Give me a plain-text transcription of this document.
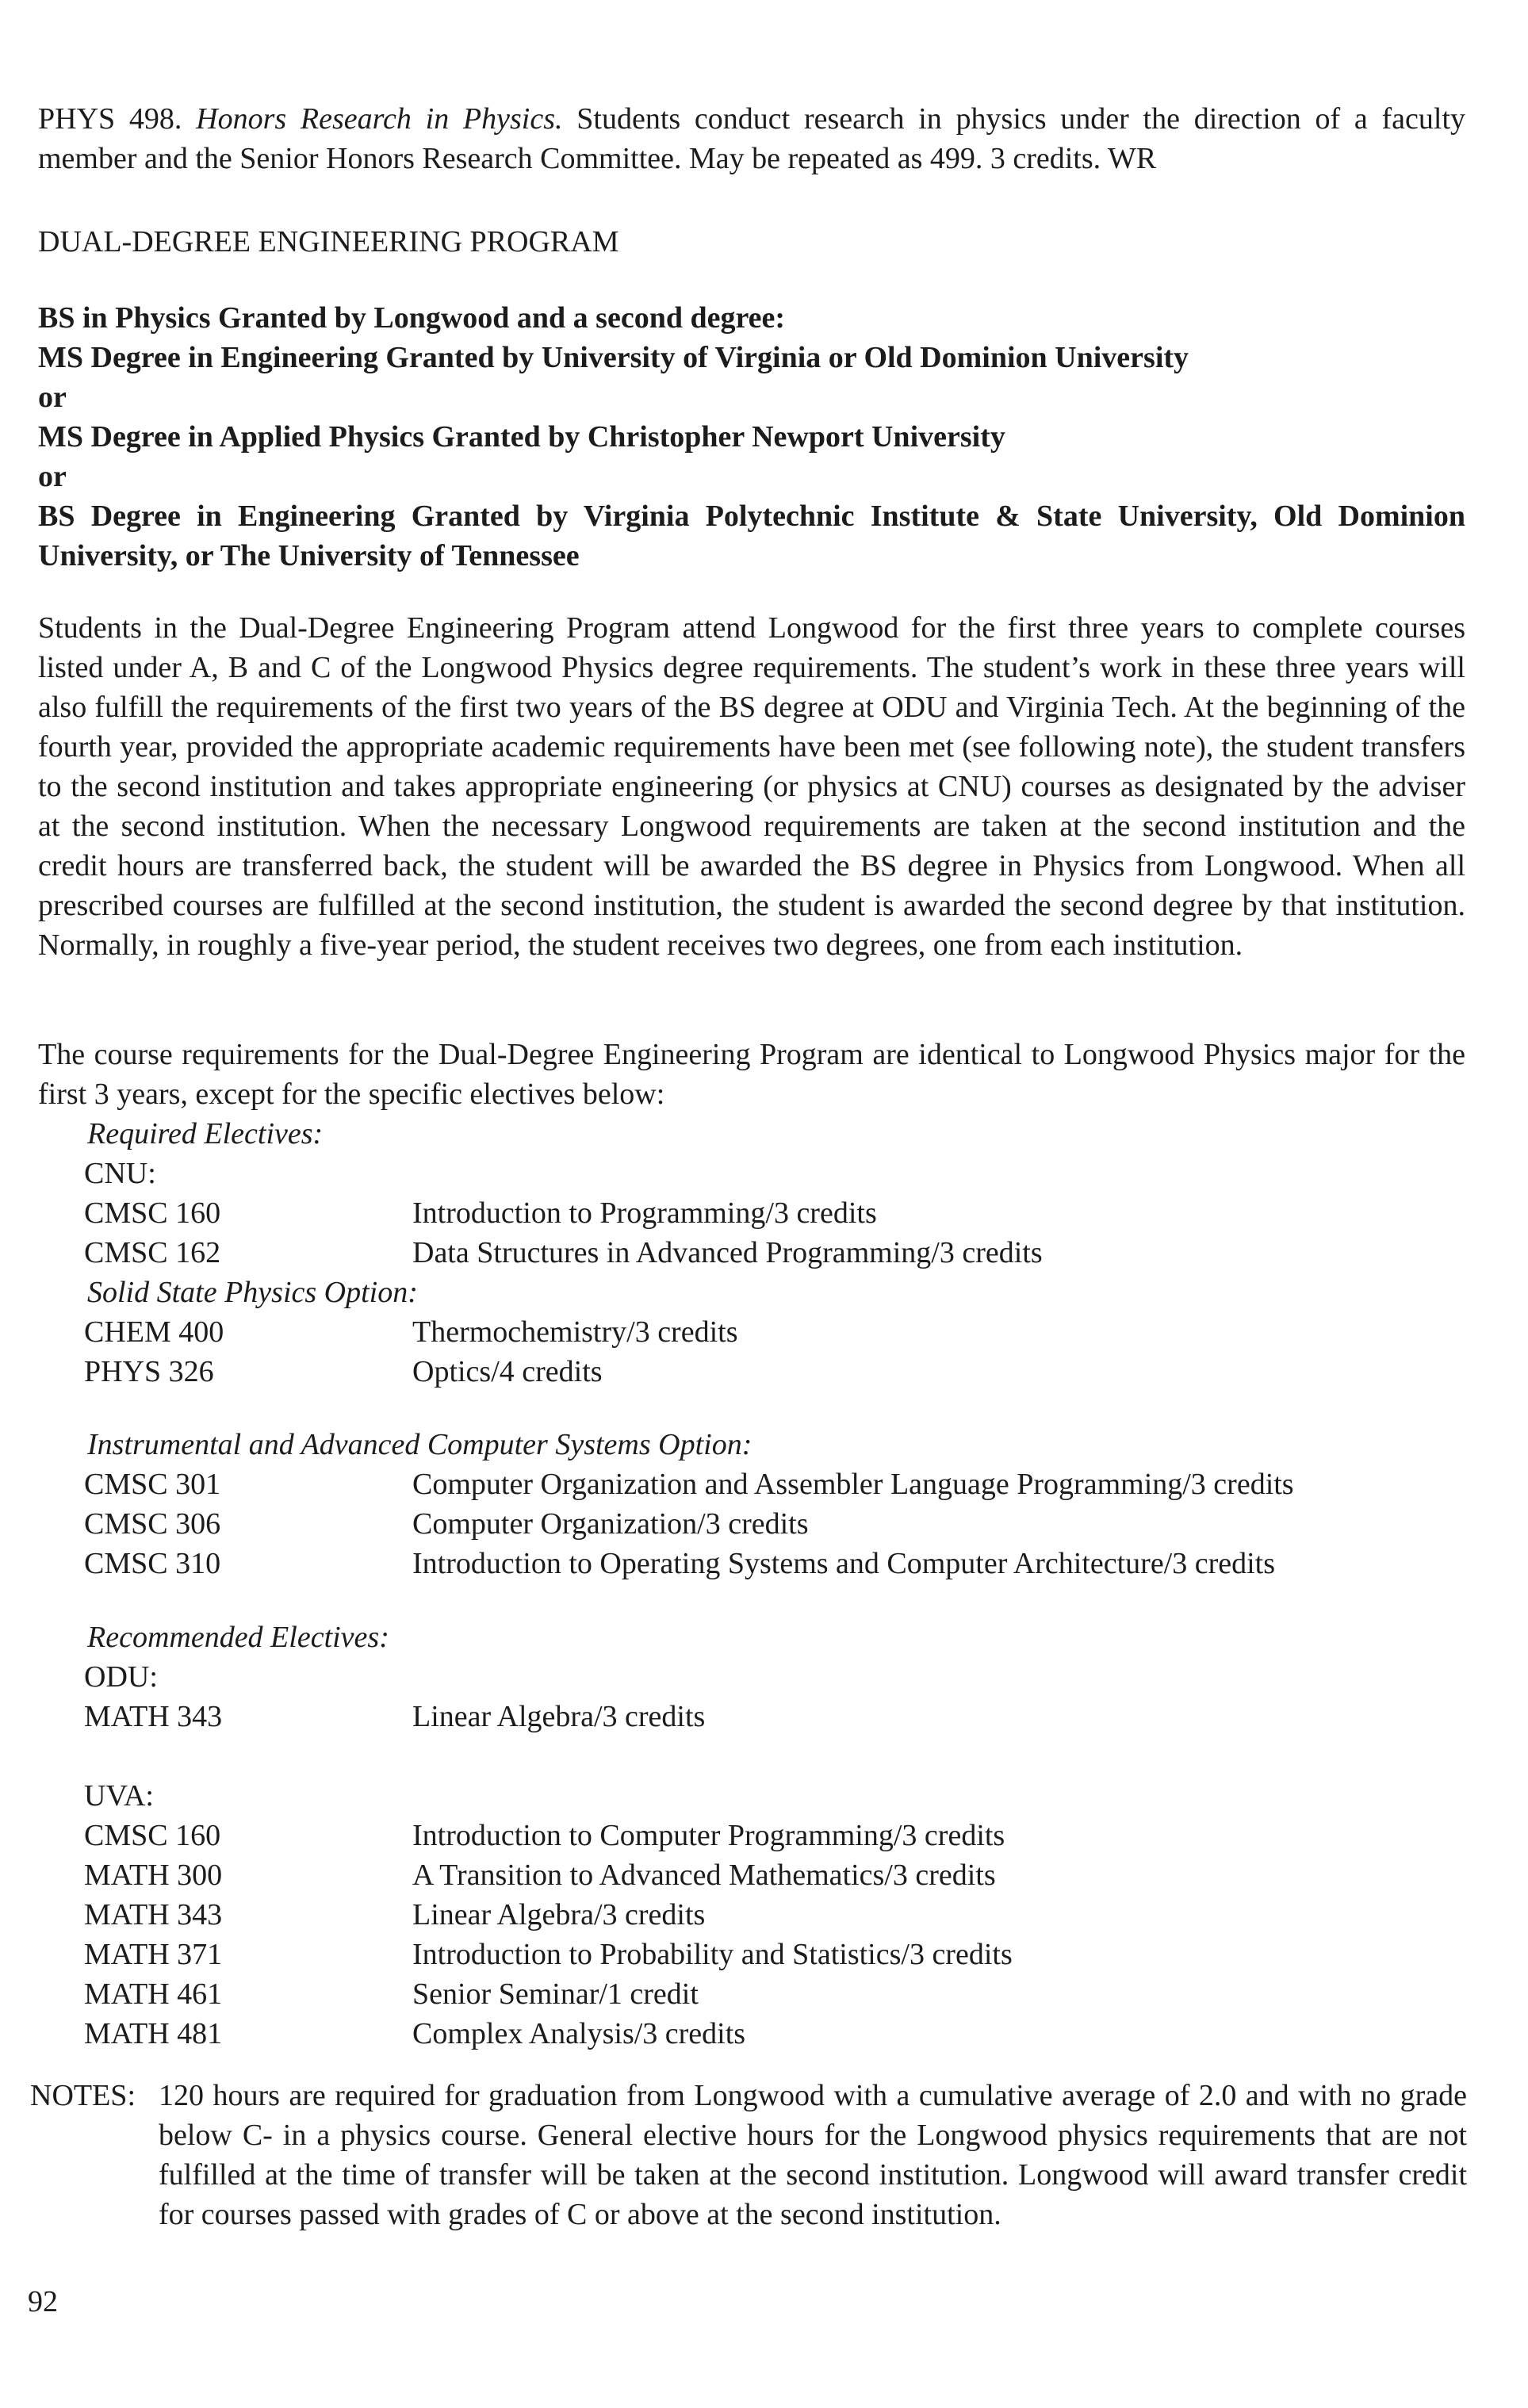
PHYS 498. Honors Research in Physics. Students conduct research in physics under the direction of a faculty member and the Senior Honors Research Committee. May be repeated as 499. 3 credits. WR

DUAL-DEGREE ENGINEERING PROGRAM
BS in Physics Granted by Longwood and a second degree:
MS Degree in Engineering Granted by University of Virginia or Old Dominion University
or
MS Degree in Applied Physics Granted by Christopher Newport University
or

BS Degree in Engineering Granted by Virginia Polytechnic Institute & State University, Old Dominion University, or The University of Tennessee

Students in the Dual-Degree Engineering Program attend Longwood for the first three years to complete courses listed under A, B and C of the Longwood Physics degree requirements. The student’s work in these three years will also fulfill the requirements of the first two years of the BS degree at ODU and Virginia Tech. At the beginning of the fourth year, provided the appropriate academic requirements have been met (see following note), the student transfers to the second institution and takes appropriate engineering (or physics at CNU) courses as designated by the adviser at the second institution. When the necessary Longwood requirements are taken at the second institution and the credit hours are transferred back, the student will be awarded the BS degree in Physics from Longwood. When all prescribed courses are fulfilled at the second institution, the student is awarded the second degree by that institution. Normally, in roughly a five-year period, the student receives two degrees, one from each institution.

The course requirements for the Dual-Degree Engineering Program are identical to Longwood Physics major for the first 3 years, except for the specific electives below:

Required Electives:
CNU:
CMSC 160	Introduction to Programming/3 credits
CMSC 162	Data Structures in Advanced Programming/3 credits
Solid State Physics Option:
CHEM 400	Thermochemistry/3 credits
PHYS 326	Optics/4 credits
Instrumental and Advanced Computer Systems Option:
CMSC 301	Computer Organization and Assembler Language Programming/3 credits
CMSC 306	Computer Organization/3 credits
CMSC 310	Introduction to Operating Systems and Computer Architecture/3 credits
Recommended Electives:
ODU:
MATH 343	Linear Algebra/3 credits
UVA:
CMSC 160	Introduction to Computer Programming/3 credits
MATH 300	A Transition to Advanced Mathematics/3 credits
MATH 343	Linear Algebra/3 credits
MATH 371	Introduction to Probability and Statistics/3 credits
MATH 461	Senior Seminar/1 credit
MATH 481	Complex Analysis/3 credits
NOTES: 120 hours are required for graduation from Longwood with a cumulative average of 2.0 and with no grade below C- in a physics course. General elective hours for the Longwood physics requirements that are not fulfilled at the time of transfer will be taken at the second institution. Longwood will award transfer credit for courses passed with grades of C or above at the second institution.
92
